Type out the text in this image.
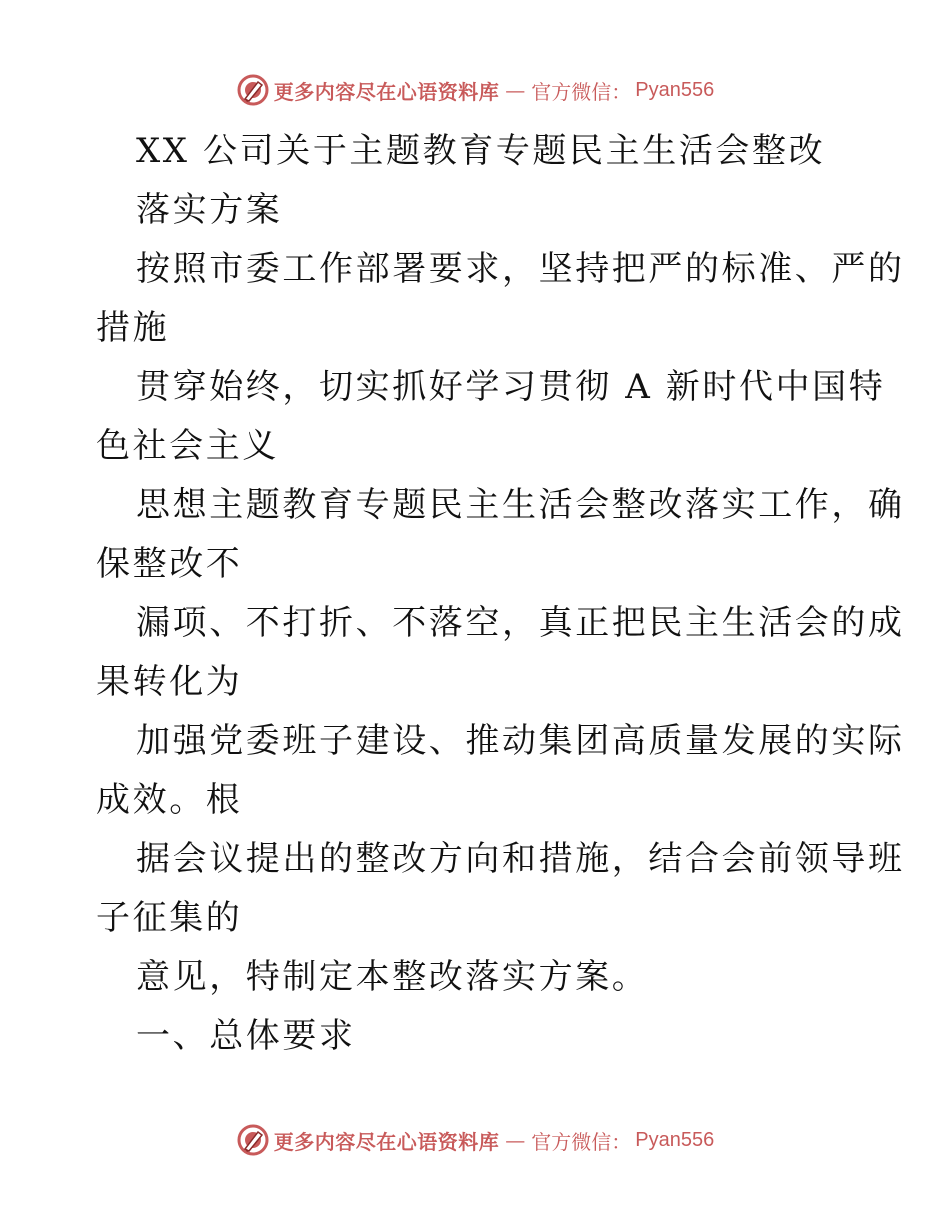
更多内容尽在心语资料库 — 官方微信： Pyan556
XX 公司关于主题教育专题民主生活会整改
落实方案
按照市委工作部署要求，坚持把严的标准、严的
措施
贯穿始终，切实抓好学习贯彻 A 新时代中国特
色社会主义
思想主题教育专题民主生活会整改落实工作，确
保整改不
漏项、不打折、不落空，真正把民主生活会的成
果转化为
加强党委班子建设、推动集团高质量发展的实际
成效。根
据会议提出的整改方向和措施，结合会前领导班
子征集的
意见，特制定本整改落实方案。
一、总体要求
更多内容尽在心语资料库 — 官方微信： Pyan556
